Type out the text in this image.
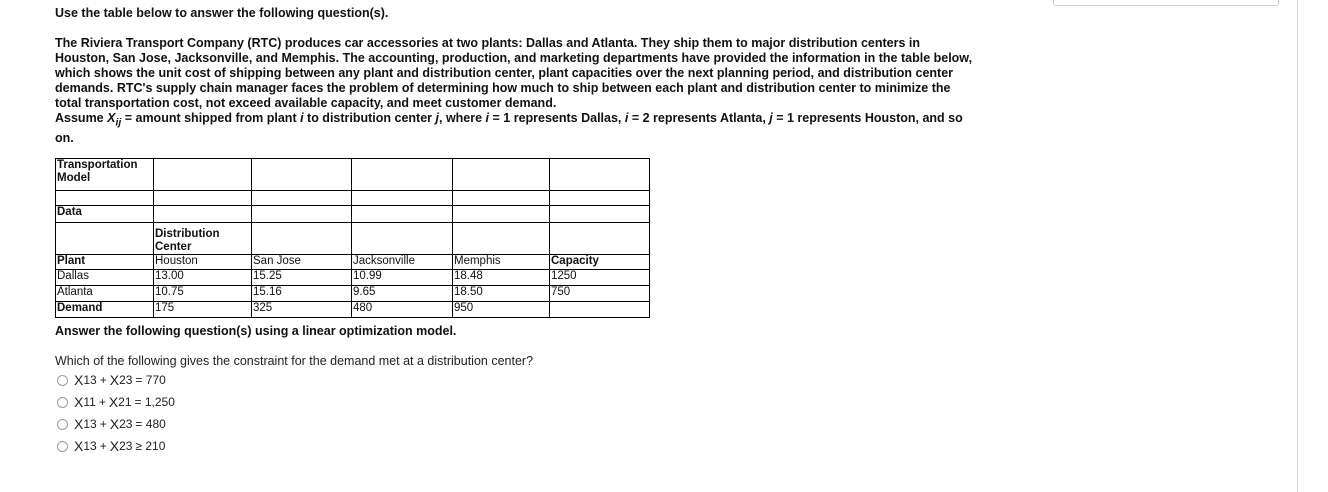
Use the table below to answer the following question(s).
The Riviera Transport Company (RTC) produces car accessories at two plants: Dallas and Atlanta. They ship them to major distribution centers in Houston, San Jose, Jacksonville, and Memphis. The accounting, production, and marketing departments have provided the information in the table below, which shows the unit cost of shipping between any plant and distribution center, plant capacities over the next planning period, and distribution center demands. RTC's supply chain manager faces the problem of determining how much to ship between each plant and distribution center to minimize the total transportation cost, not exceed available capacity, and meet customer demand.
Assume $X_{ij}$ = amount shipped from plant i to distribution center j, where i = 1 represents Dallas, i = 2 represents Atlanta, j = 1 represents Houston, and so on.
Transportation
Model					

Data					
	Distribution
Center				
Plant	Houston	San Jose	Jacksonville	Memphis	Capacity
Dallas	13.00	15.25	10.99	18.48	1250
Atlanta	10.75	15.16	9.65	18.50	750
Demand	175	325	480	950	
Answer the following question(s) using a linear optimization model.
Which of the following gives the constraint for the demand met at a distribution center?
X 13 + X 23 = 770
X 11 + X 21 = 1,250
X 13 + X 23 = 480
X 13 + X 23 ≥ 210
